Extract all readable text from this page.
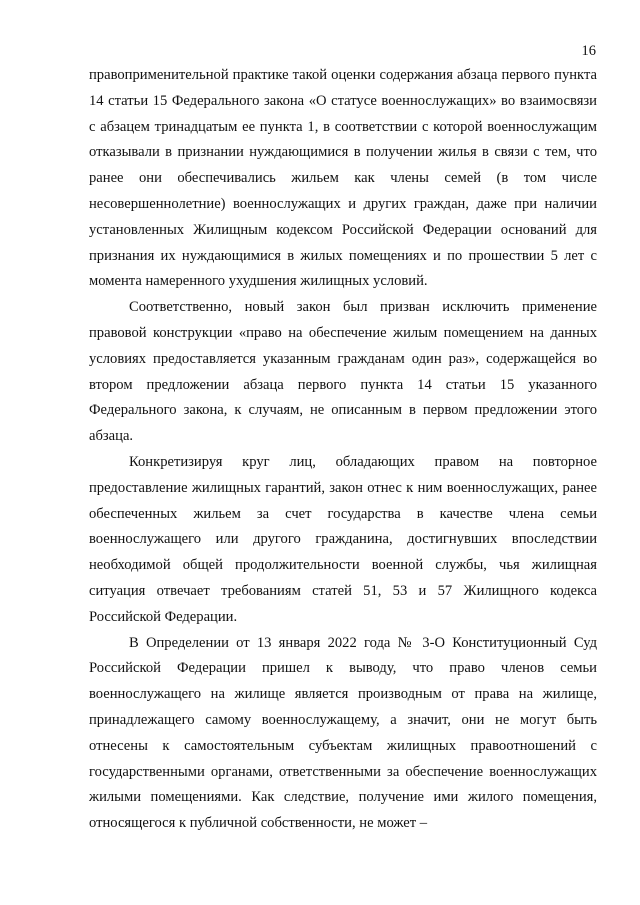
16

правоприменительной практике такой оценки содержания абзаца первого пункта 14 статьи 15 Федерального закона «О статусе военнослужащих» во взаимосвязи с абзацем тринадцатым ее пункта 1, в соответствии с которой военнослужащим отказывали в признании нуждающимися в получении жилья в связи с тем, что ранее они обеспечивались жильем как члены семей (в том числе несовершеннолетние) военнослужащих и других граждан, даже при наличии установленных Жилищным кодексом Российской Федерации оснований для признания их нуждающимися в жилых помещениях и по прошествии 5 лет с момента намеренного ухудшения жилищных условий.

Соответственно, новый закон был призван исключить применение правовой конструкции «право на обеспечение жилым помещением на данных условиях предоставляется указанным гражданам один раз», содержащейся во втором предложении абзаца первого пункта 14 статьи 15 указанного Федерального закона, к случаям, не описанным в первом предложении этого абзаца.

Конкретизируя круг лиц, обладающих правом на повторное предоставление жилищных гарантий, закон отнес к ним военнослужащих, ранее обеспеченных жильем за счет государства в качестве члена семьи военнослужащего или другого гражданина, достигнувших впоследствии необходимой общей продолжительности военной службы, чья жилищная ситуация отвечает требованиям статей 51, 53 и 57 Жилищного кодекса Российской Федерации.

В Определении от 13 января 2022 года № 3-О Конституционный Суд Российской Федерации пришел к выводу, что право членов семьи военнослужащего на жилище является производным от права на жилище, принадлежащего самому военнослужащему, а значит, они не могут быть отнесены к самостоятельным субъектам жилищных правоотношений с государственными органами, ответственными за обеспечение военнослужащих жилыми помещениями. Как следствие, получение ими жилого помещения, относящегося к публичной собственности, не может –
